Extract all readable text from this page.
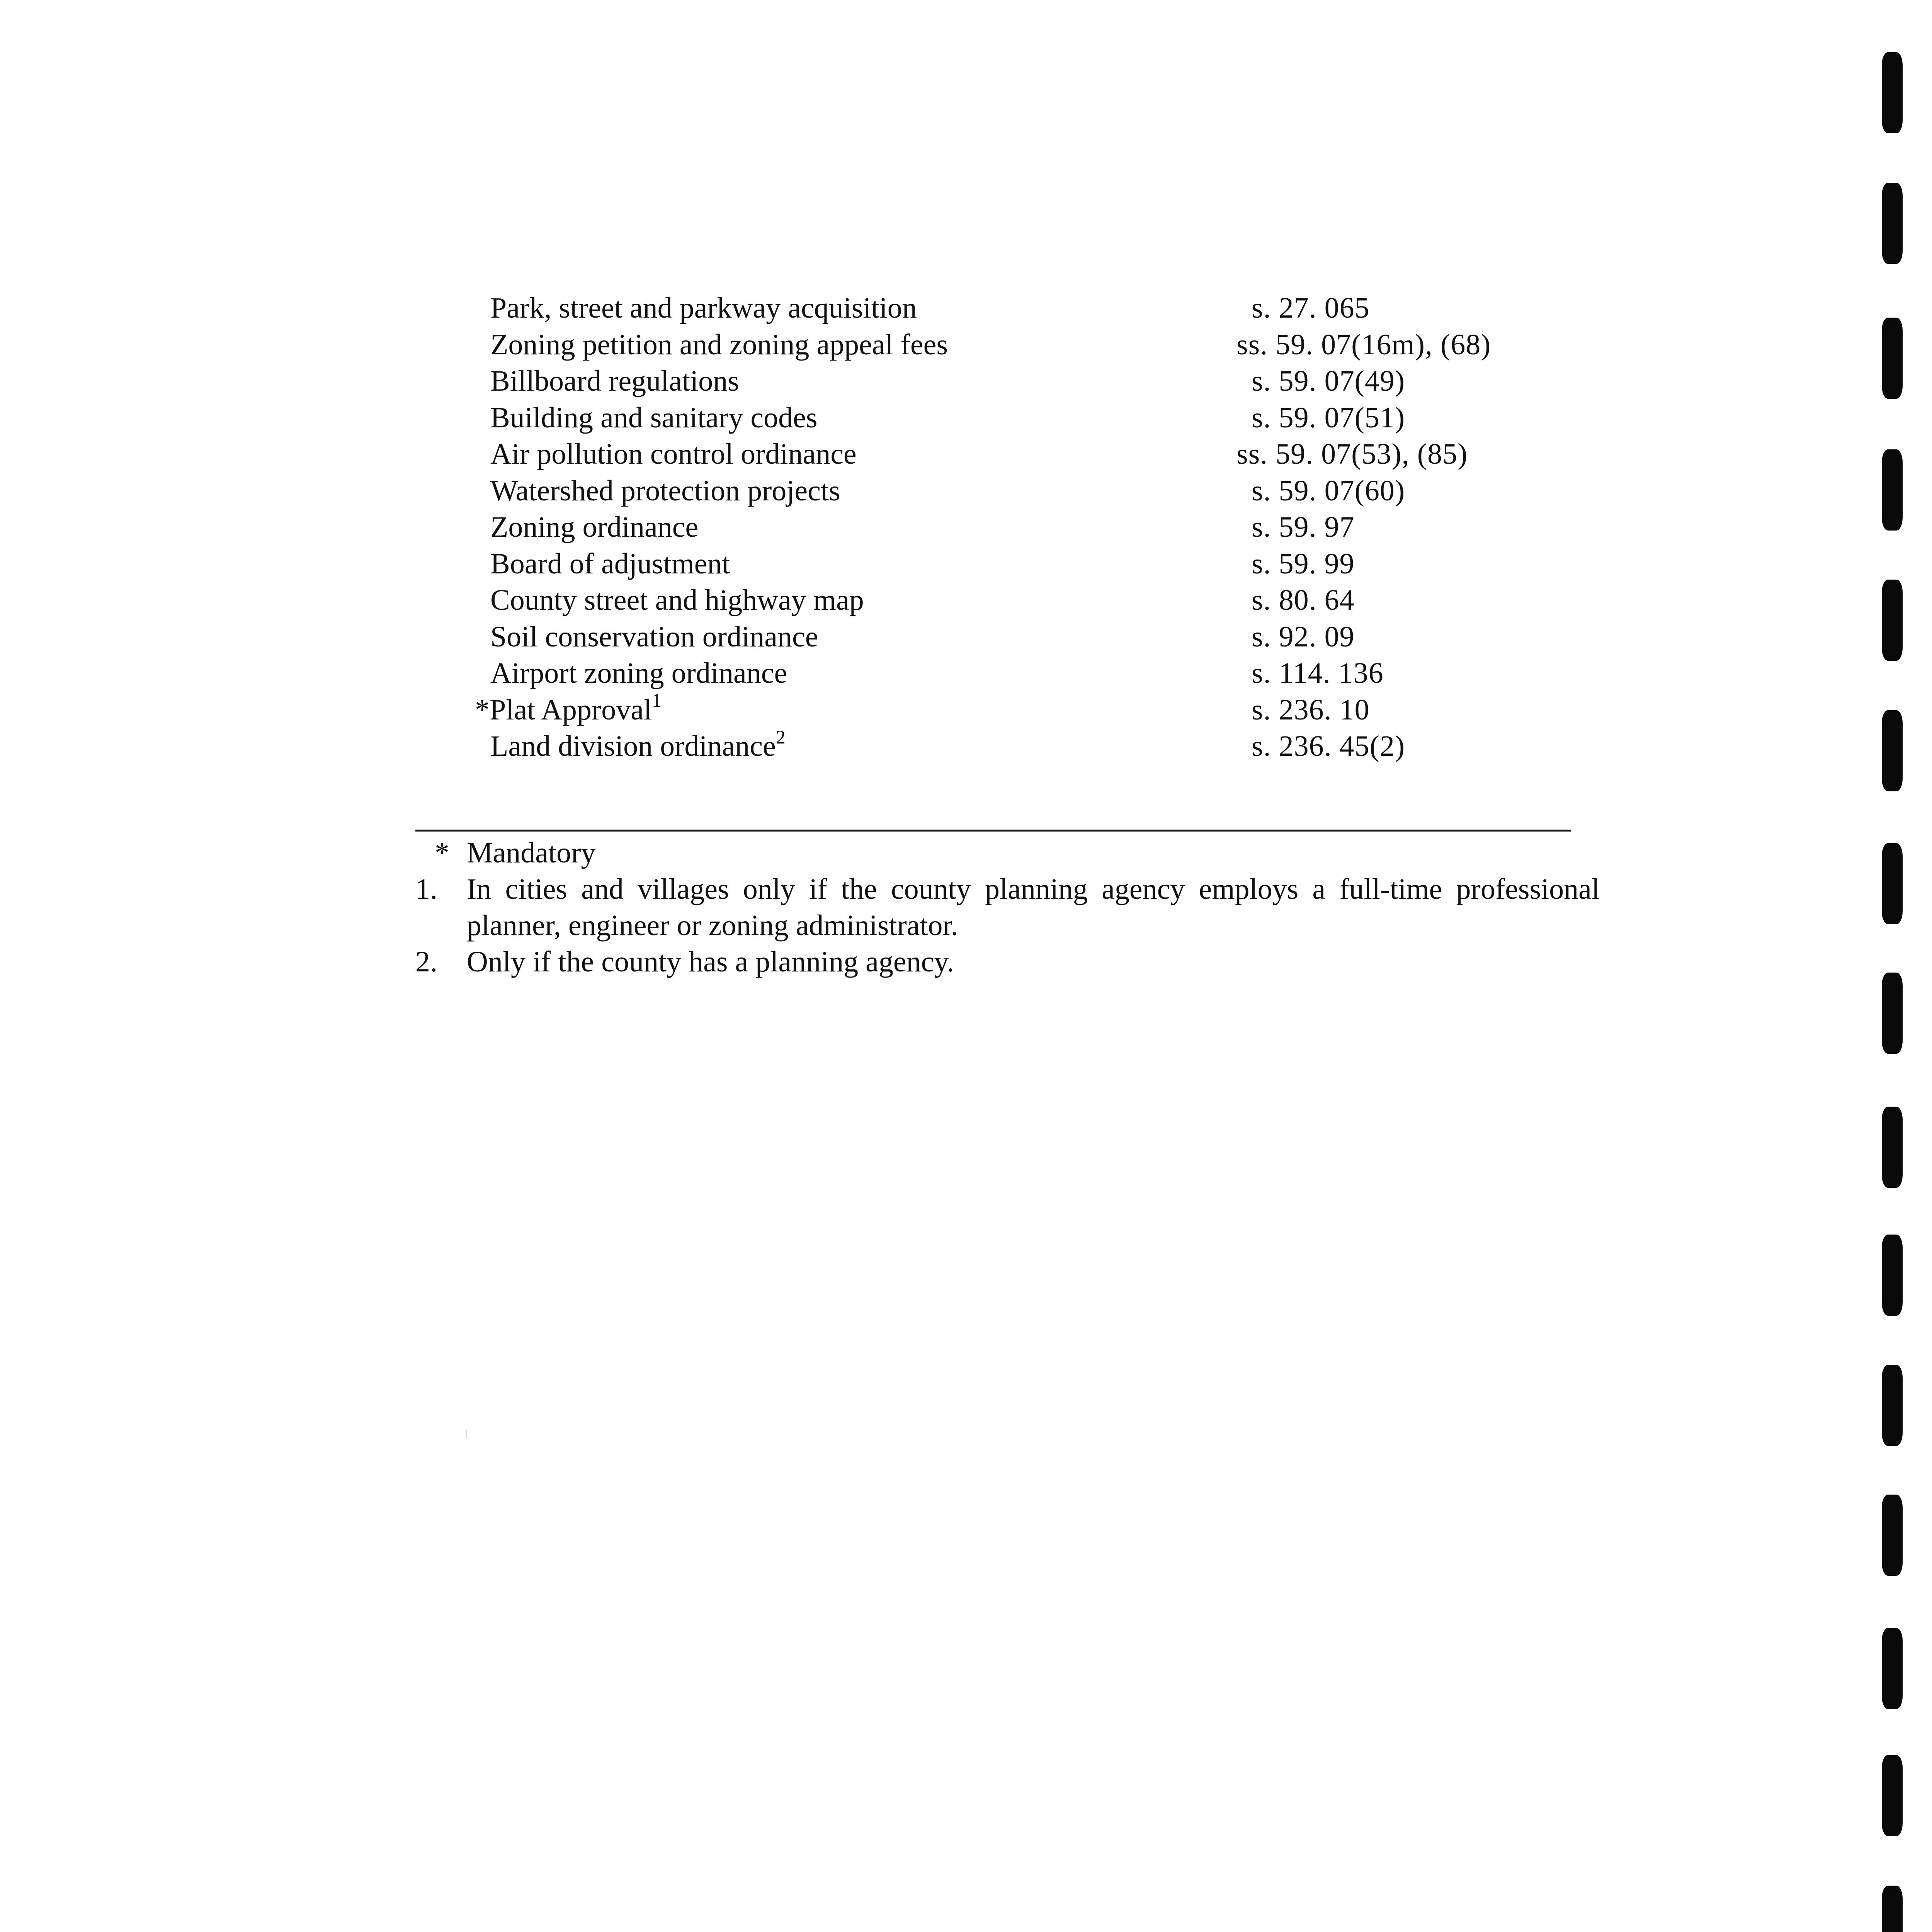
Park, street and parkway acquisition	s. 27. 065
Zoning petition and zoning appeal fees	ss. 59. 07(16m), (68)
Billboard regulations	s. 59. 07(49)
Building and sanitary codes	s. 59. 07(51)
Air pollution control ordinance	ss. 59. 07(53), (85)
Watershed protection projects	s. 59. 07(60)
Zoning ordinance	s. 59. 97
Board of adjustment	s. 59. 99
County street and highway map	s. 80. 64
Soil conservation ordinance	s. 92. 09
Airport zoning ordinance	s. 114. 136
*Plat Approval$^1$	s. 236. 10
Land division ordinance$^2$	s. 236. 45(2)
* Mandatory
1. In cities and villages only if the county planning agency employs a full-time professional planner, engineer or zoning administrator.
2. Only if the county has a planning agency.
